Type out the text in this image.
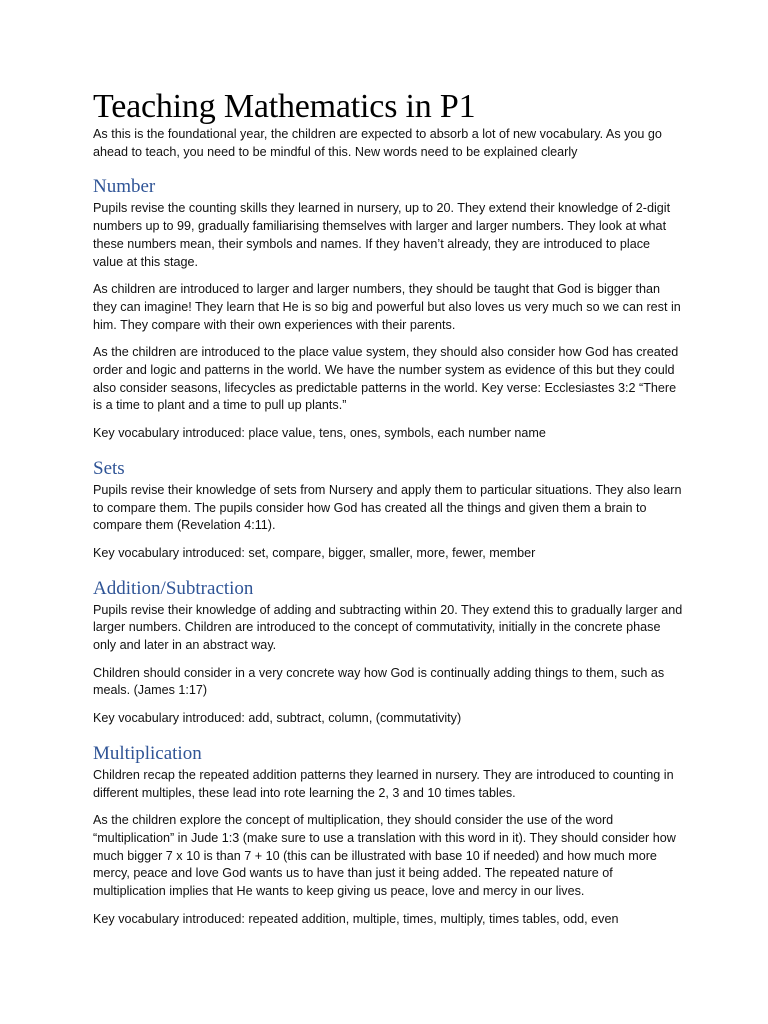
Teaching Mathematics in P1

As this is the foundational year, the children are expected to absorb a lot of new vocabulary. As you go ahead to teach, you need to be mindful of this. New words need to be explained clearly

Number

Pupils revise the counting skills they learned in nursery, up to 20. They extend their knowledge of 2-digit numbers up to 99, gradually familiarising themselves with larger and larger numbers. They look at what these numbers mean, their symbols and names. If they haven’t already, they are introduced to place value at this stage.

As children are introduced to larger and larger numbers, they should be taught that God is bigger than they can imagine! They learn that He is so big and powerful but also loves us very much so we can rest in him. They compare with their own experiences with their parents.

As the children are introduced to the place value system, they should also consider how God has created order and logic and patterns in the world. We have the number system as evidence of this but they could also consider seasons, lifecycles as predictable patterns in the world. Key verse: Ecclesiastes 3:2 “There is a time to plant and a time to pull up plants.”

Key vocabulary introduced: place value, tens, ones, symbols, each number name

Sets

Pupils revise their knowledge of sets from Nursery and apply them to particular situations. They also learn to compare them. The pupils consider how God has created all the things and given them a brain to compare them (Revelation 4:11).

Key vocabulary introduced: set, compare, bigger, smaller, more, fewer, member

Addition/Subtraction

Pupils revise their knowledge of adding and subtracting within 20. They extend this to gradually larger and larger numbers. Children are introduced to the concept of commutativity, initially in the concrete phase only and later in an abstract way.

Children should consider in a very concrete way how God is continually adding things to them, such as meals. (James 1:17)

Key vocabulary introduced: add, subtract, column, (commutativity)

Multiplication

Children recap the repeated addition patterns they learned in nursery. They are introduced to counting in different multiples, these lead into rote learning the 2, 3 and 10 times tables.

As the children explore the concept of multiplication, they should consider the use of the word “multiplication” in Jude 1:3 (make sure to use a translation with this word in it). They should consider how much bigger 7 x 10 is than 7 + 10 (this can be illustrated with base 10 if needed) and how much more mercy, peace and love God wants us to have than just it being added. The repeated nature of multiplication implies that He wants to keep giving us peace, love and mercy in our lives.

Key vocabulary introduced: repeated addition, multiple, times, multiply, times tables, odd, even
